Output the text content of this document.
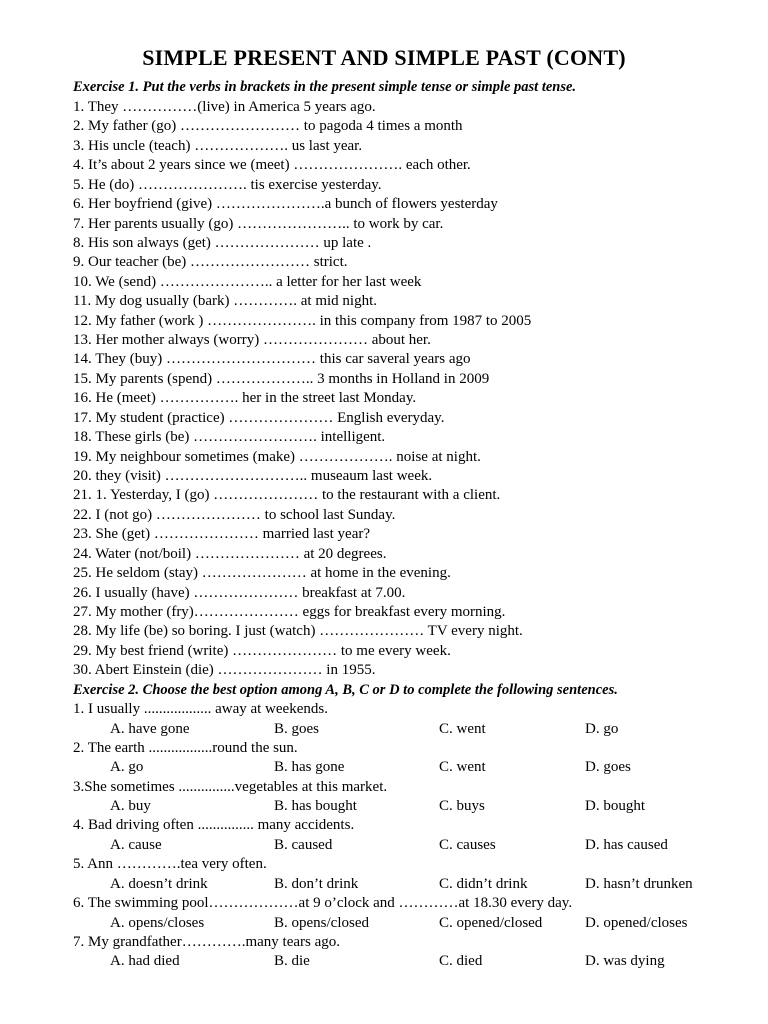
SIMPLE PRESENT AND SIMPLE PAST (CONT)
Exercise 1. Put the verbs in brackets in the present simple tense or simple past tense.
1. They ……………(live) in America 5 years ago.
2. My father (go) …………………… to pagoda 4 times a month
3. His uncle (teach) ………………. us last year.
4. It’s about 2 years since we (meet) …………………. each other.
5. He (do) …………………. tis exercise yesterday.
6. Her boyfriend (give) ………………….a bunch of flowers yesterday
7. Her parents usually (go) ………………….. to work by car.
8. His son always (get) ………………… up late .
9. Our teacher (be) …………………… strict.
10. We (send) ………………….. a letter for her last week
11. My dog usually (bark) …………. at mid night.
12. My father (work ) …………………. in this company from 1987 to 2005
13. Her mother always (worry) ………………… about her.
14. They (buy) ………………………… this car saveral years ago
15. My parents (spend) ……………….. 3 months in Holland in 2009
16. He (meet) ……………. her in the street last Monday.
17. My student (practice) ………………… English everyday.
18. These girls (be) ……………………. intelligent.
19. My neighbour sometimes (make) ………………. noise at night.
20. they (visit) ……………………….. museaum last week.
21. 1. Yesterday, I (go) ………………… to the restaurant with a client.
22. I (not go) ………………… to school last Sunday.
23. She (get) ………………… married last year?
24. Water (not/boil) ………………… at 20 degrees.
25. He seldom (stay) ………………… at home in the evening.
26. I usually (have) ………………… breakfast at 7.00.
27. My mother (fry)………………… eggs for breakfast every morning.
28. My life (be) so boring. I just (watch) ………………… TV every night.
29. My best friend (write) ………………… to me every week.
30. Abert Einstein (die) ………………… in 1955.
Exercise 2. Choose the best option among A, B, C or D to complete the following sentences.
1. I usually .................. away at weekends.
A. have gone	B. goes	C. went	D. go
2. The earth .................round the sun.
A. go	B. has gone	C. went	D. goes
3.She sometimes ...............vegetables at this market.
A. buy	B. has bought	C. buys	D. bought
4. Bad driving often ............... many accidents.
A. cause	B. caused	C. causes	D. has caused
5. Ann ………….tea very often.
A. doesn’t drink	B. don’t drink	C. didn’t drink	D. hasn’t drunken
6. The swimming pool………………at 9 o’clock and …………at 18.30 every day.
A. opens/closes	B. opens/closed	C. opened/closed	D. opened/closes
7. My grandfather………….many tears ago.
A. had died	B. die	C. died	D. was dying
